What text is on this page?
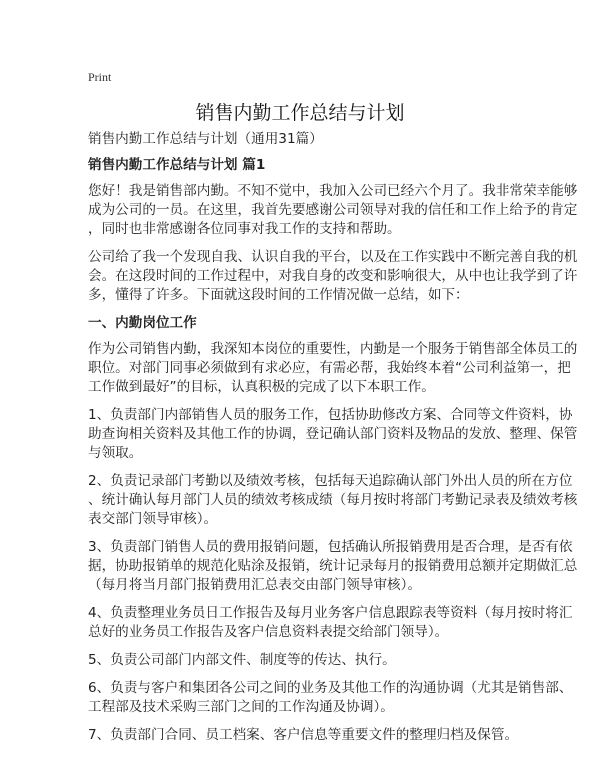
Print
销售内勤工作总结与计划
销售内勤工作总结与计划（通用31篇）
销售内勤工作总结与计划 篇1
您好！我是销售部内勤。不知不觉中，我加入公司已经六个月了。我非常荣幸能够
成为公司的一员。在这里，我首先要感谢公司领导对我的信任和工作上给予的肯定
，同时也非常感谢各位同事对我工作的支持和帮助。
公司给了我一个发现自我、认识自我的平台，以及在工作实践中不断完善自我的机
会。在这段时间的工作过程中，对我自身的改变和影响很大，从中也让我学到了许
多，懂得了许多。下面就这段时间的工作情况做一总结，如下：
一、内勤岗位工作
作为公司销售内勤，我深知本岗位的重要性，内勤是一个服务于销售部全体员工的
职位。对部门同事必须做到有求必应，有需必帮，我始终本着“公司利益第一，把
工作做到最好”的目标，认真积极的完成了以下本职工作。
1、负责部门内部销售人员的服务工作，包括协助修改方案、合同等文件资料，协
助查询相关资料及其他工作的协调，登记确认部门资料及物品的发放、整理、保管
与领取。
2、负责记录部门考勤以及绩效考核，包括每天追踪确认部门外出人员的所在方位
、统计确认每月部门人员的绩效考核成绩（每月按时将部门考勤记录表及绩效考核
表交部门领导审核）。
3、负责部门销售人员的费用报销问题，包括确认所报销费用是否合理，是否有依
据，协助报销单的规范化贴涂及报销，统计记录每月的报销费用总额并定期做汇总
（每月将当月部门报销费用汇总表交由部门领导审核）。
4、负责整理业务员日工作报告及每月业务客户信息跟踪表等资料（每月按时将汇
总好的业务员工作报告及客户信息资料表提交给部门领导）。
5、负责公司部门内部文件、制度等的传达、执行。
6、负责与客户和集团各公司之间的业务及其他工作的沟通协调（尤其是销售部、
工程部及技术采购三部门之间的工作沟通及协调）。
7、负责部门合同、员工档案、客户信息等重要文件的整理归档及保管。
